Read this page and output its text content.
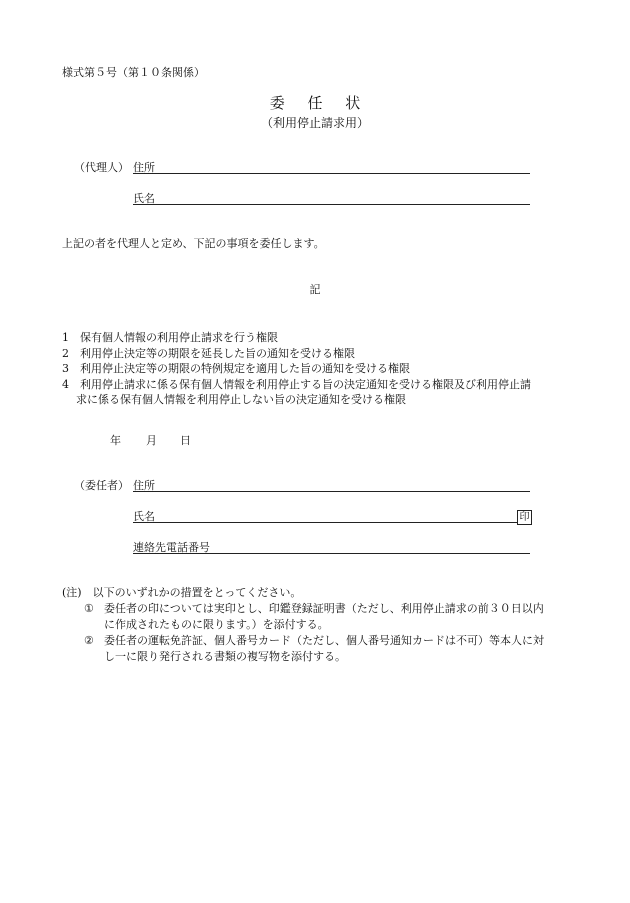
様式第５号（第１０条関係）
委 任 状
（利用停止請求用）
（代理人） 住所
氏名
上記の者を代理人と定め、下記の事項を委任します。
記
1 保有個人情報の利用停止請求を行う権限
2 利用停止決定等の期限を延長した旨の通知を受ける権限
3 利用停止決定等の期限の特例規定を適用した旨の通知を受ける権限
4 利用停止請求に係る保有個人情報を利用停止する旨の決定通知を受ける権限及び利用停止請
求に係る保有個人情報を利用停止しない旨の決定通知を受ける権限
年 月 日
（委任者） 住所
氏名	印
連絡先電話番号
(注)  以下のいずれかの措置をとってください。
① 委任者の印については実印とし、印鑑登録証明書（ただし、利用停止請求の前３０日以内
に作成されたものに限ります。）を添付する。
② 委任者の運転免許証、個人番号カード（ただし、個人番号通知カードは不可）等本人に対
し一に限り発行される書類の複写物を添付する。
